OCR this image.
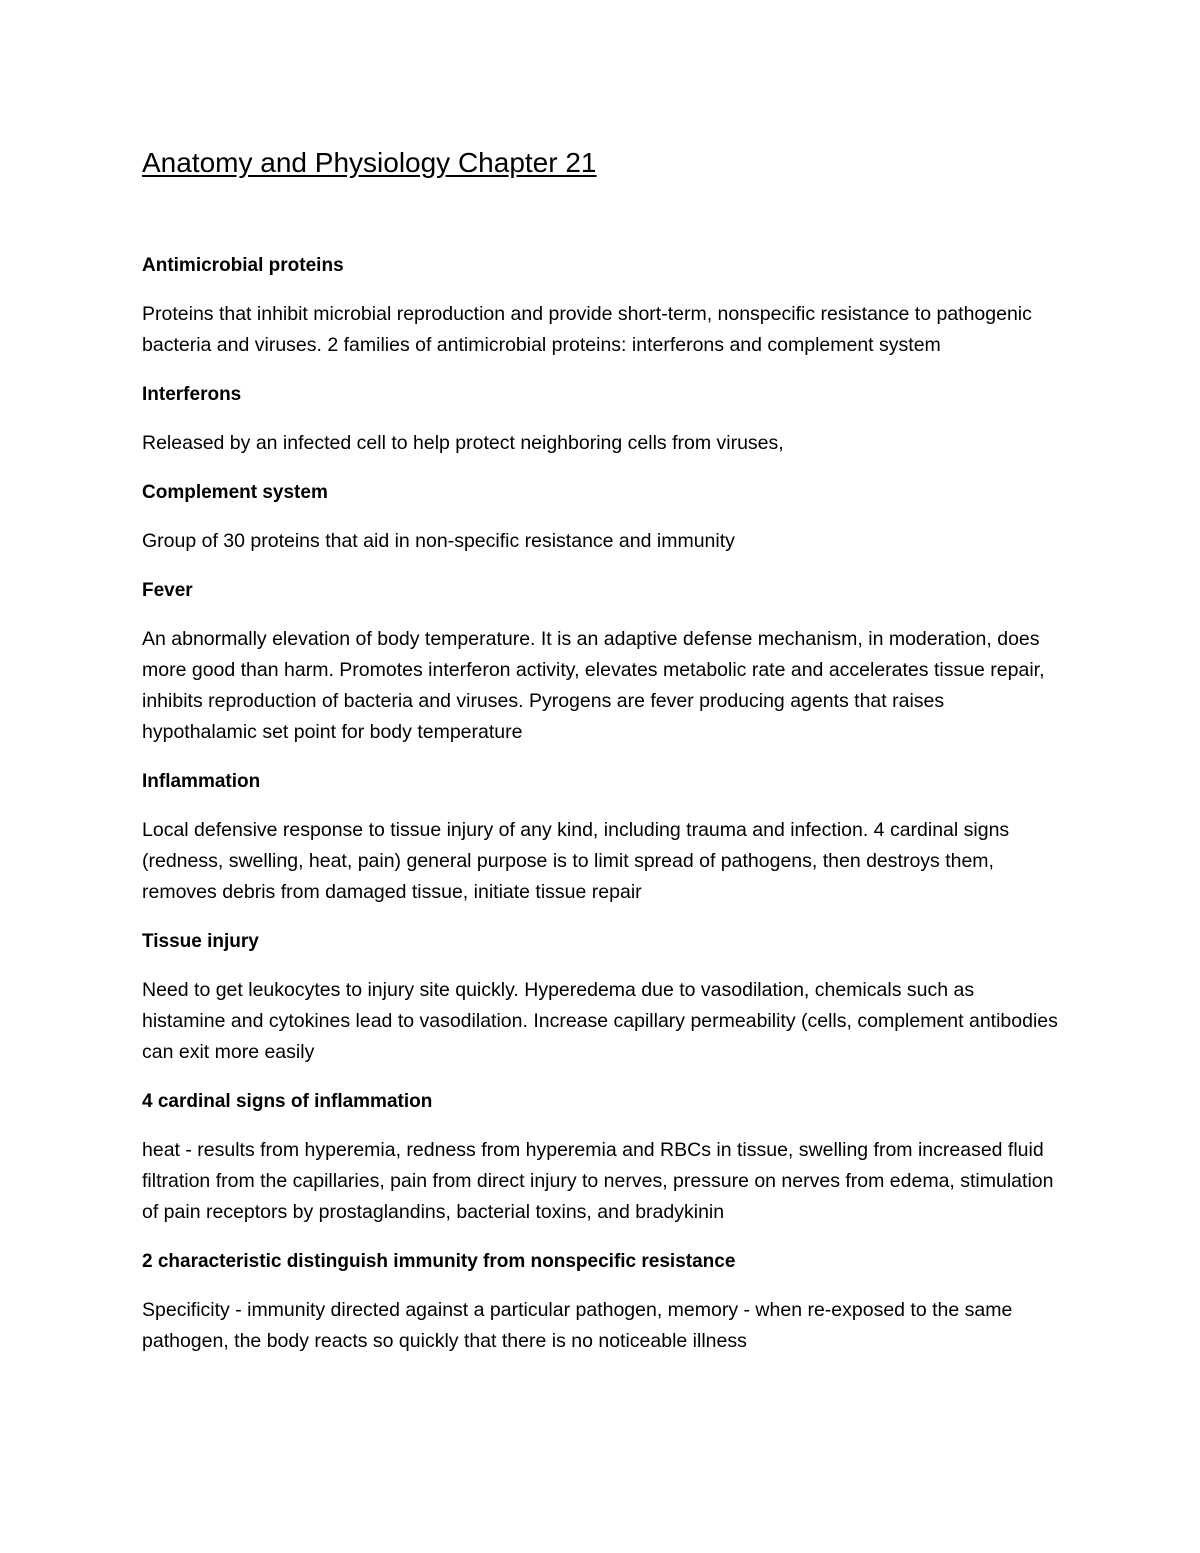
Anatomy and Physiology Chapter 21

Antimicrobial proteins

Proteins that inhibit microbial reproduction and provide short-term, nonspecific resistance to pathogenic bacteria and viruses. 2 families of antimicrobial proteins: interferons and complement system

Interferons

Released by an infected cell to help protect neighboring cells from viruses,

Complement system

Group of 30 proteins that aid in non-specific resistance and immunity

Fever

An abnormally elevation of body temperature. It is an adaptive defense mechanism, in moderation, does more good than harm. Promotes interferon activity, elevates metabolic rate and accelerates tissue repair, inhibits reproduction of bacteria and viruses. Pyrogens are fever producing agents that raises hypothalamic set point for body temperature

Inflammation

Local defensive response to tissue injury of any kind, including trauma and infection. 4 cardinal signs (redness, swelling, heat, pain) general purpose is to limit spread of pathogens, then destroys them, removes debris from damaged tissue, initiate tissue repair

Tissue injury

Need to get leukocytes to injury site quickly. Hyperedema due to vasodilation, chemicals such as histamine and cytokines lead to vasodilation. Increase capillary permeability (cells, complement antibodies can exit more easily

4 cardinal signs of inflammation

heat - results from hyperemia, redness from hyperemia and RBCs in tissue, swelling from increased fluid filtration from the capillaries, pain from direct injury to nerves, pressure on nerves from edema, stimulation of pain receptors by prostaglandins, bacterial toxins, and bradykinin

2 characteristic distinguish immunity from nonspecific resistance

Specificity - immunity directed against a particular pathogen, memory - when re-exposed to the same pathogen, the body reacts so quickly that there is no noticeable illness
